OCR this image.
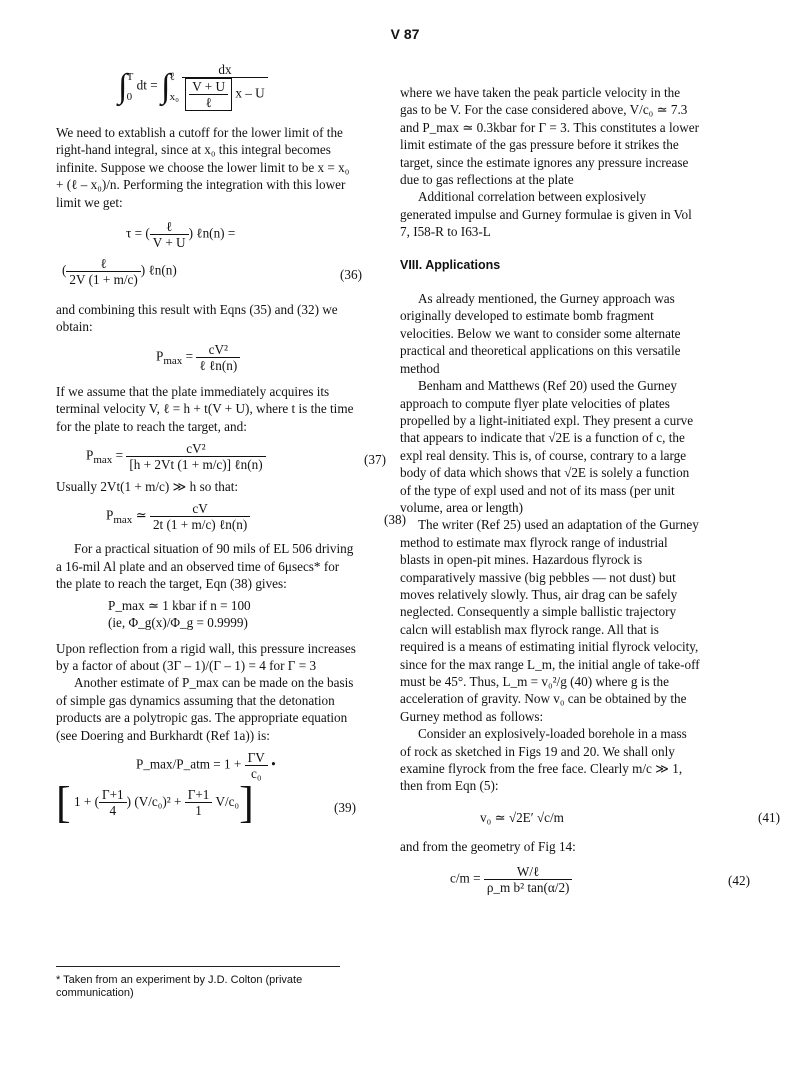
V 87
∫ T
0
dt = ∫ ℓ
x₀

dx
$\frac{V + U}{\text{ℓ}}$ x – U

We need to extablish a cutoff for the lower limit of the right-hand integral, since at x₀ this integral becomes infinite. Suppose we choose the lower limit to be x = x₀ + (ℓ – x₀)/n. Performing the integration with this lower limit we get:

τ = ( $\frac{\text{ℓ}}{V + U}$ ) ℓn(n) =
( $\frac{\text{ℓ}}{2V (1 + m/c)}$ ) ℓn(n)	(36)

and combining this result with Eqns (35) and (32) we obtain:

$P_{max} = \frac{\text{cV²}}{\text{ℓ ℓn(n)}}$

If we assume that the plate immediately acquires its terminal velocity V, ℓ = h + t(V + U), where t is the time for the plate to reach the target, and:

$P_{max} = \frac{\text{cV²}}{\text{[h + 2Vt (1 + m/c)] ℓn(n)}}$	(37)

Usually 2Vt(1 + m/c) ≫ h so that:

$P_{max}$ ≃ $\frac{cV}{\text{2t (1 + m/c) ℓn(n)}}$	(38)

For a practical situation of 90 mils of EL 506 driving a 16-mil Al plate and an observed time of 6μsecs* for the plate to reach the target, Eqn (38) gives:

P_max ≃ 1 kbar if n = 100
(ie, Φ_g(x)/Φ_g = 0.9999)

Upon reflection from a rigid wall, this pressure increases by a factor of about (3Γ – 1)/(Γ – 1) = 4 for Γ = 3

Another estimate of P_max can be made on the basis of simple gas dynamics assuming that the detonation products are a polytropic gas. The appropriate equation (see Doering and Burkhardt (Ref 1a)) is:

P_max/P_atm = $1 + \frac{\Gamma V}{\text{c₀}}$ •
[ 1 + ( $\frac{\Gamma+1}{4}$ ) $(V/c_0)^2 + \frac{\Gamma+1}{1} V/c_0$]	(39)
* Taken from an experiment by J.D. Colton (private communication)

where we have taken the peak particle velocity in the gas to be V. For the case considered above, V/c₀ ≃ 7.3 and P_max ≃ 0.3kbar for Γ = 3. This constitutes a lower limit estimate of the gas pressure before it strikes the target, since the estimate ignores any pressure increase due to gas reflections at the plate

Additional correlation between explosively generated impulse and Gurney formulae is given in Vol 7, I58-R to I63-L

VIII. Applications

As already mentioned, the Gurney approach was originally developed to estimate bomb fragment velocities. Below we want to consider some alternate practical and theoretical applications on this versatile method

Benham and Matthews (Ref 20) used the Gurney approach to compute flyer plate velocities of plates propelled by a light-initiated expl. They present a curve that appears to indicate that √2E is a function of c, the expl real density. This is, of course, contrary to a large body of data which shows that √2E is solely a function of the type of expl used and not of its mass (per unit volume, area or length)

The writer (Ref 25) used an adaptation of the Gurney method to estimate max flyrock range of industrial blasts in open-pit mines. Hazardous flyrock is comparatively massive (big pebbles — not dust) but moves relatively slowly. Thus, air drag can be safely neglected. Consequently a simple ballistic trajectory calcn will establish max flyrock range. All that is required is a means of estimating initial flyrock velocity, since for the max range L_m, the initial angle of take-off must be 45°. Thus, L_m = v₀²/g (40) where g is the acceleration of gravity. Now v₀ can be obtained by the Gurney method as follows:

Consider an explosively-loaded borehole in a mass of rock as sketched in Figs 19 and 20. We shall only examine flyrock from the free face. Clearly m/c ≫ 1, then from Eqn (5):

v₀ ≃ √2E′ √c/m	(41)

and from the geometry of Fig 14:

$c/m = \frac{\text{W/ℓ}}{\text{ρ\_m b² tan(α/2)}}$	(42)
